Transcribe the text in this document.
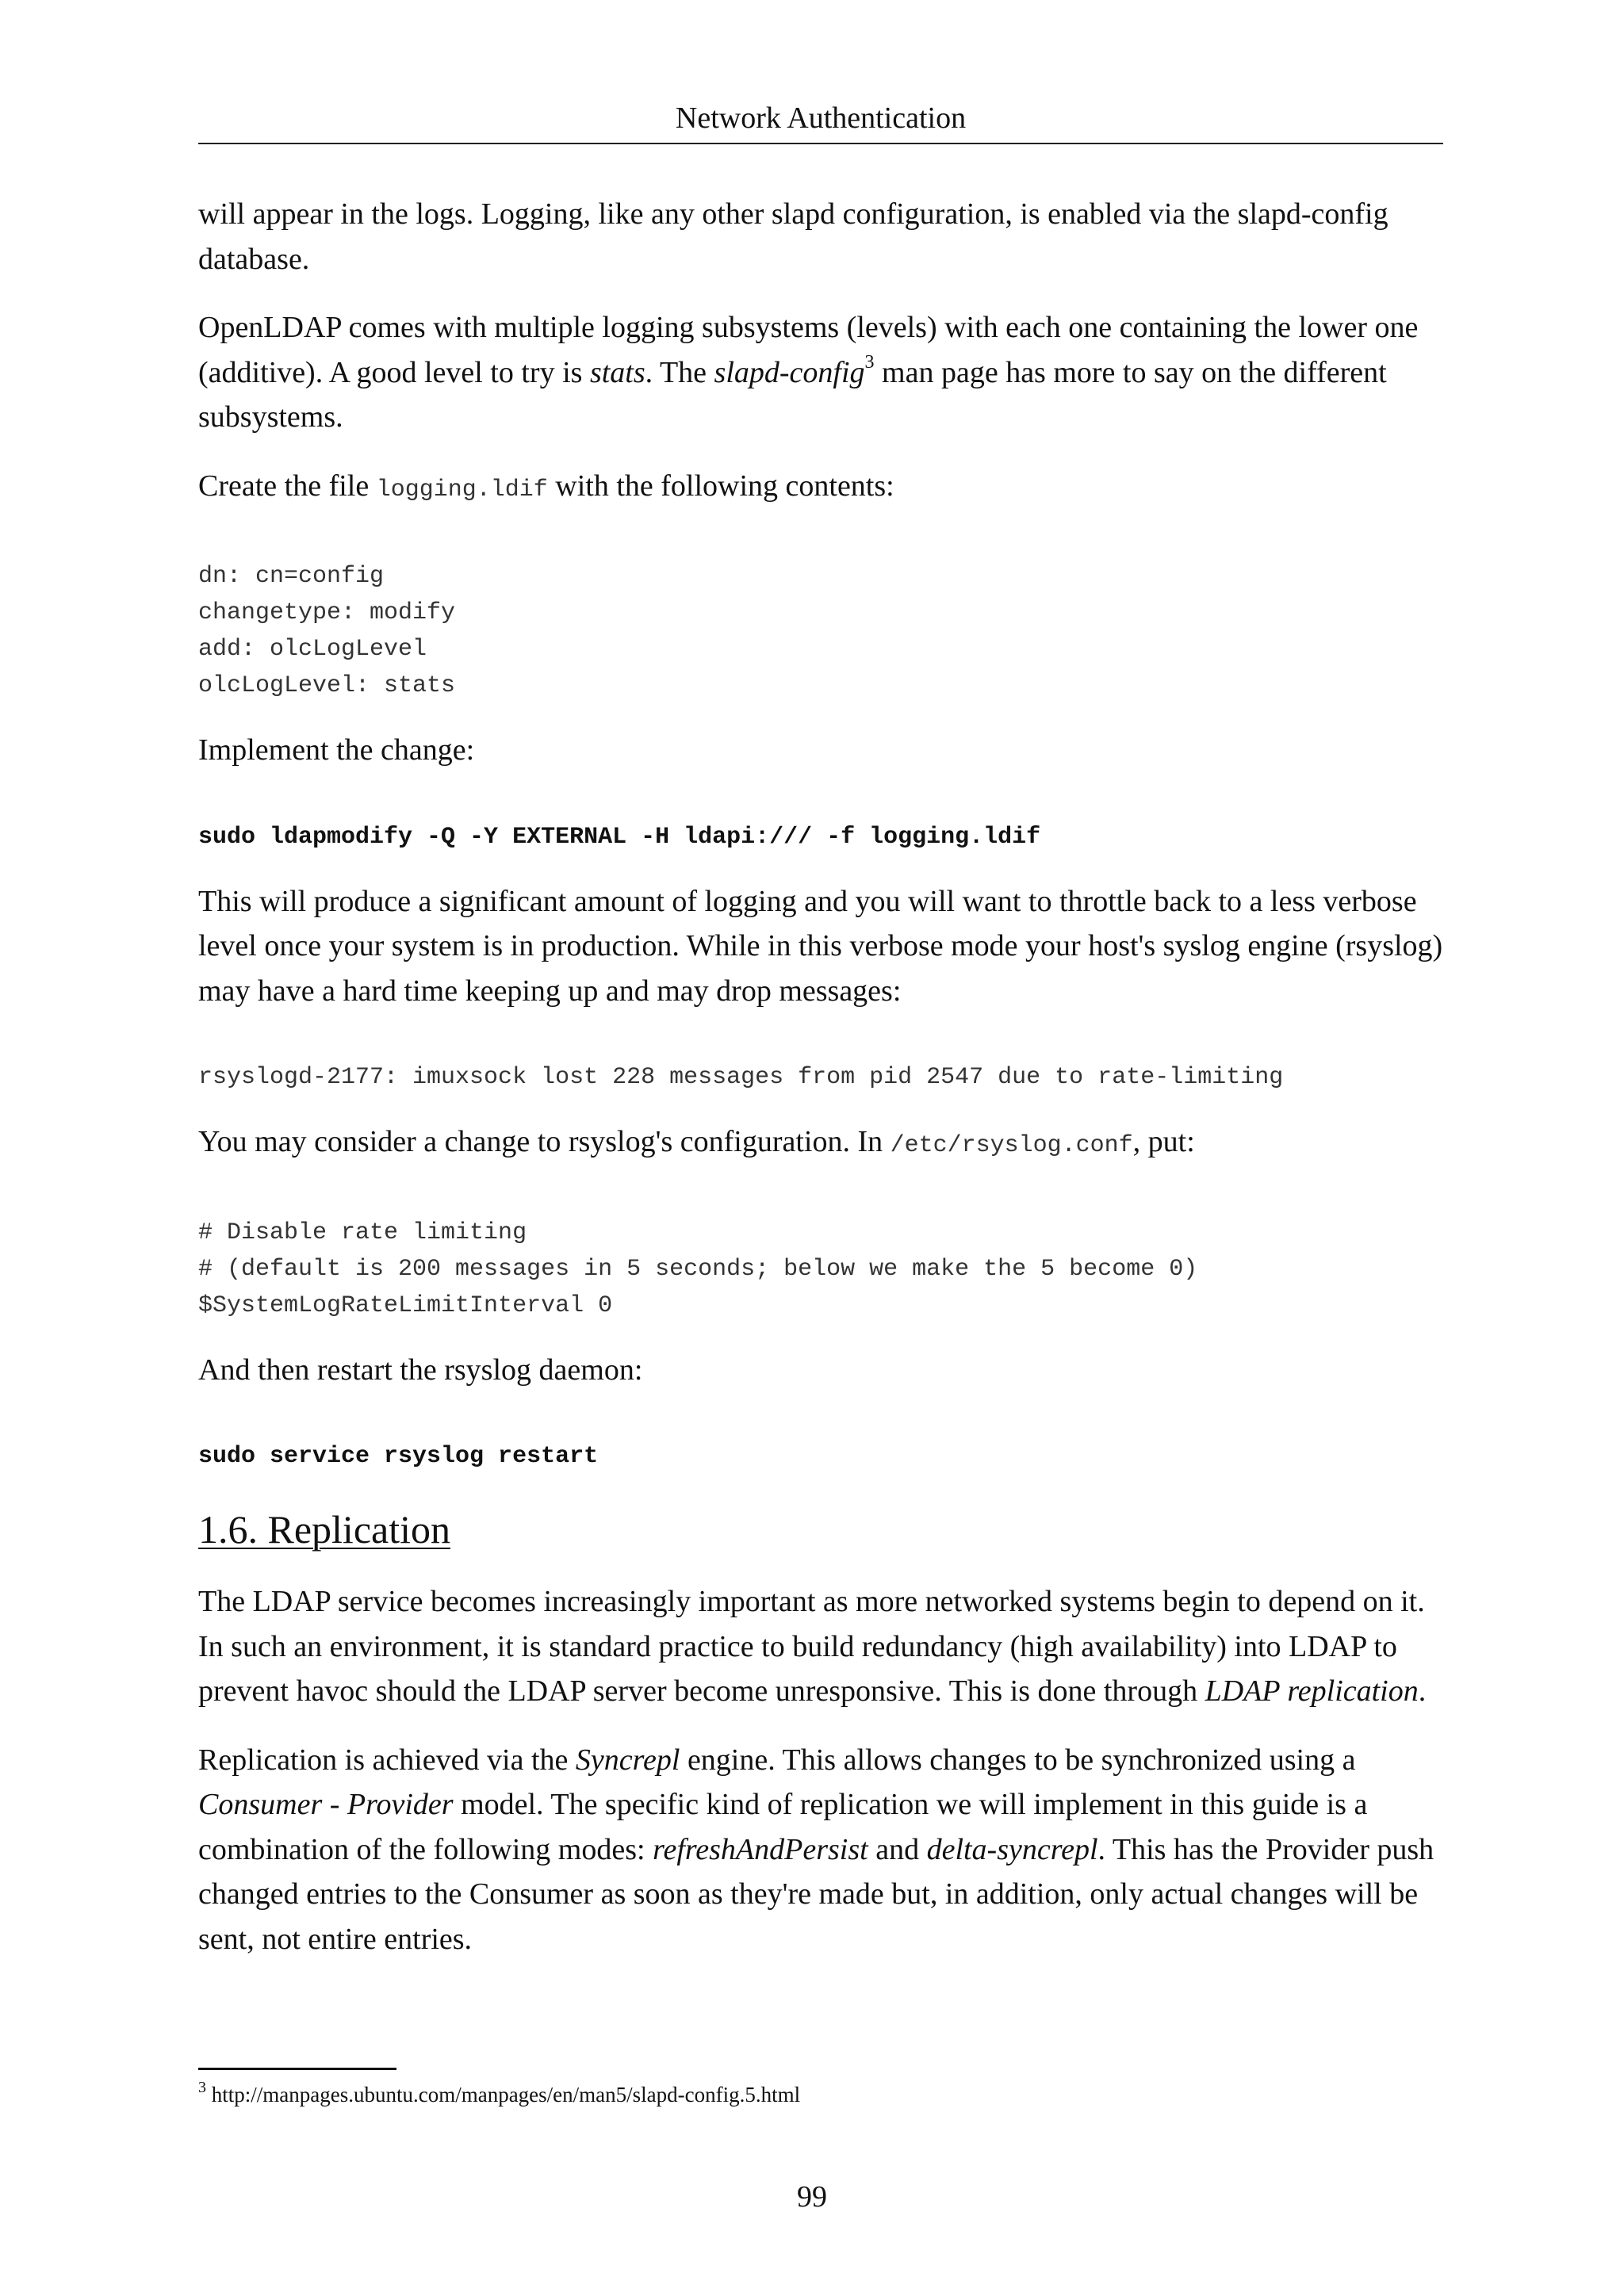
Network Authentication

will appear in the logs. Logging, like any other slapd configuration, is enabled via the slapd-config database.

OpenLDAP comes with multiple logging subsystems (levels) with each one containing the lower one (additive). A good level to try is stats. The slapd-config$^3$ man page has more to say on the different subsystems.

Create the file logging.ldif with the following contents:

dn: cn=config
changetype: modify
add: olcLogLevel
olcLogLevel: stats

Implement the change:

sudo ldapmodify -Q -Y EXTERNAL -H ldapi:/// -f logging.ldif

This will produce a significant amount of logging and you will want to throttle back to a less verbose level once your system is in production. While in this verbose mode your host's syslog engine (rsyslog) may have a hard time keeping up and may drop messages:

rsyslogd-2177: imuxsock lost 228 messages from pid 2547 due to rate-limiting

You may consider a change to rsyslog's configuration. In /etc/rsyslog.conf, put:

# Disable rate limiting
# (default is 200 messages in 5 seconds; below we make the 5 become 0)
$SystemLogRateLimitInterval 0

And then restart the rsyslog daemon:

sudo service rsyslog restart
1.6. Replication

The LDAP service becomes increasingly important as more networked systems begin to depend on it. In such an environment, it is standard practice to build redundancy (high availability) into LDAP to prevent havoc should the LDAP server become unresponsive. This is done through LDAP replication.

Replication is achieved via the Syncrepl engine. This allows changes to be synchronized using a Consumer - Provider model. The specific kind of replication we will implement in this guide is a combination of the following modes: refreshAndPersist and delta-syncrepl. This has the Provider push changed entries to the Consumer as soon as they're made but, in addition, only actual changes will be sent, not entire entries.

$^3$ http://manpages.ubuntu.com/manpages/en/man5/slapd-config.5.html
99
